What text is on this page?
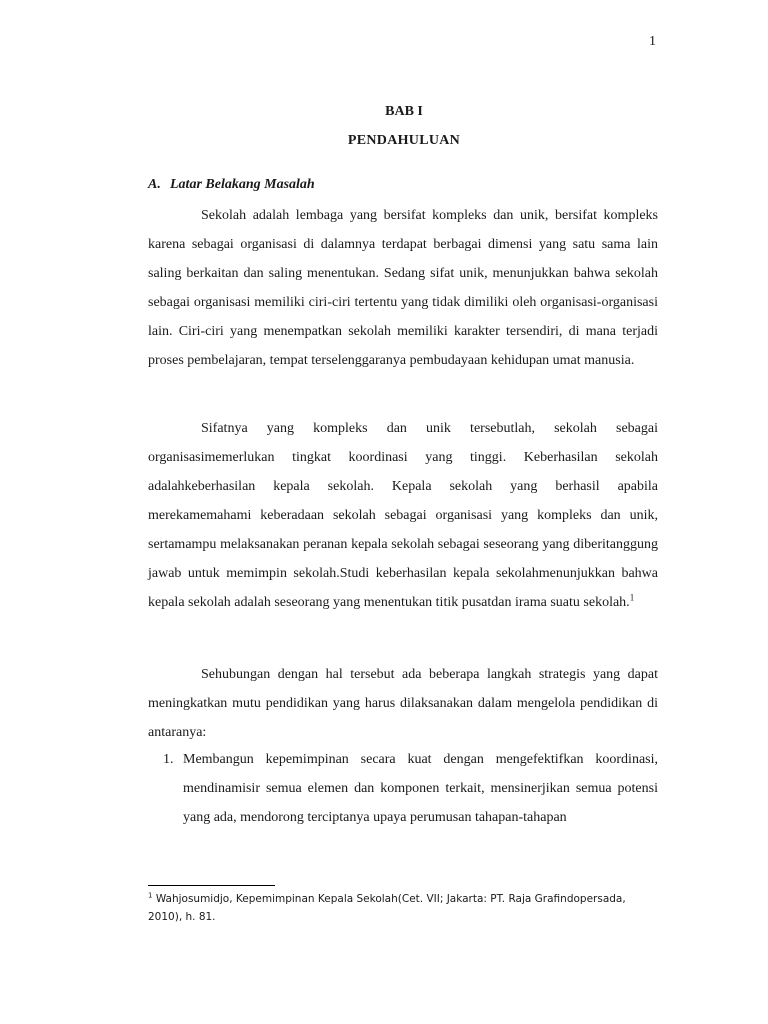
1
BAB I
PENDAHULUAN
A. Latar Belakang Masalah

Sekolah adalah lembaga yang bersifat kompleks dan unik, bersifat kompleks karena sebagai organisasi di dalamnya terdapat berbagai dimensi yang satu sama lain saling berkaitan dan saling menentukan. Sedang sifat unik, menunjukkan bahwa sekolah sebagai organisasi memiliki ciri-ciri tertentu yang tidak dimiliki oleh organisasi-organisasi lain. Ciri-ciri yang menempatkan sekolah memiliki karakter tersendiri, di mana terjadi proses pembelajaran, tempat terselenggaranya pembudayaan kehidupan umat manusia.

Sifatnya yang kompleks dan unik tersebutlah, sekolah sebagai organisasimemerlukan tingkat koordinasi yang tinggi. Keberhasilan sekolah adalahkeberhasilan kepala sekolah. Kepala sekolah yang berhasil apabila merekamemahami keberadaan sekolah sebagai organisasi yang kompleks dan unik, sertamampu melaksanakan peranan kepala sekolah sebagai seseorang yang diberitanggung jawab untuk memimpin sekolah.Studi keberhasilan kepala sekolahmenunjukkan bahwa kepala sekolah adalah seseorang yang menentukan titik pusatdan irama suatu sekolah.$^1$

Sehubungan dengan hal tersebut ada beberapa langkah strategis yang dapat meningkatkan mutu pendidikan yang harus dilaksanakan dalam mengelola pendidikan di antaranya:

1. Membangun kepemimpinan secara kuat dengan mengefektifkan koordinasi, mendinamisir semua elemen dan komponen terkait, mensinerjikan semua potensi yang ada, mendorong terciptanya upaya perumusan tahapan-tahapan
$^1$ Wahjosumidjo, Kepemimpinan Kepala Sekolah(Cet. VII; Jakarta: PT. Raja Grafindopersada, 2010), h. 81.
